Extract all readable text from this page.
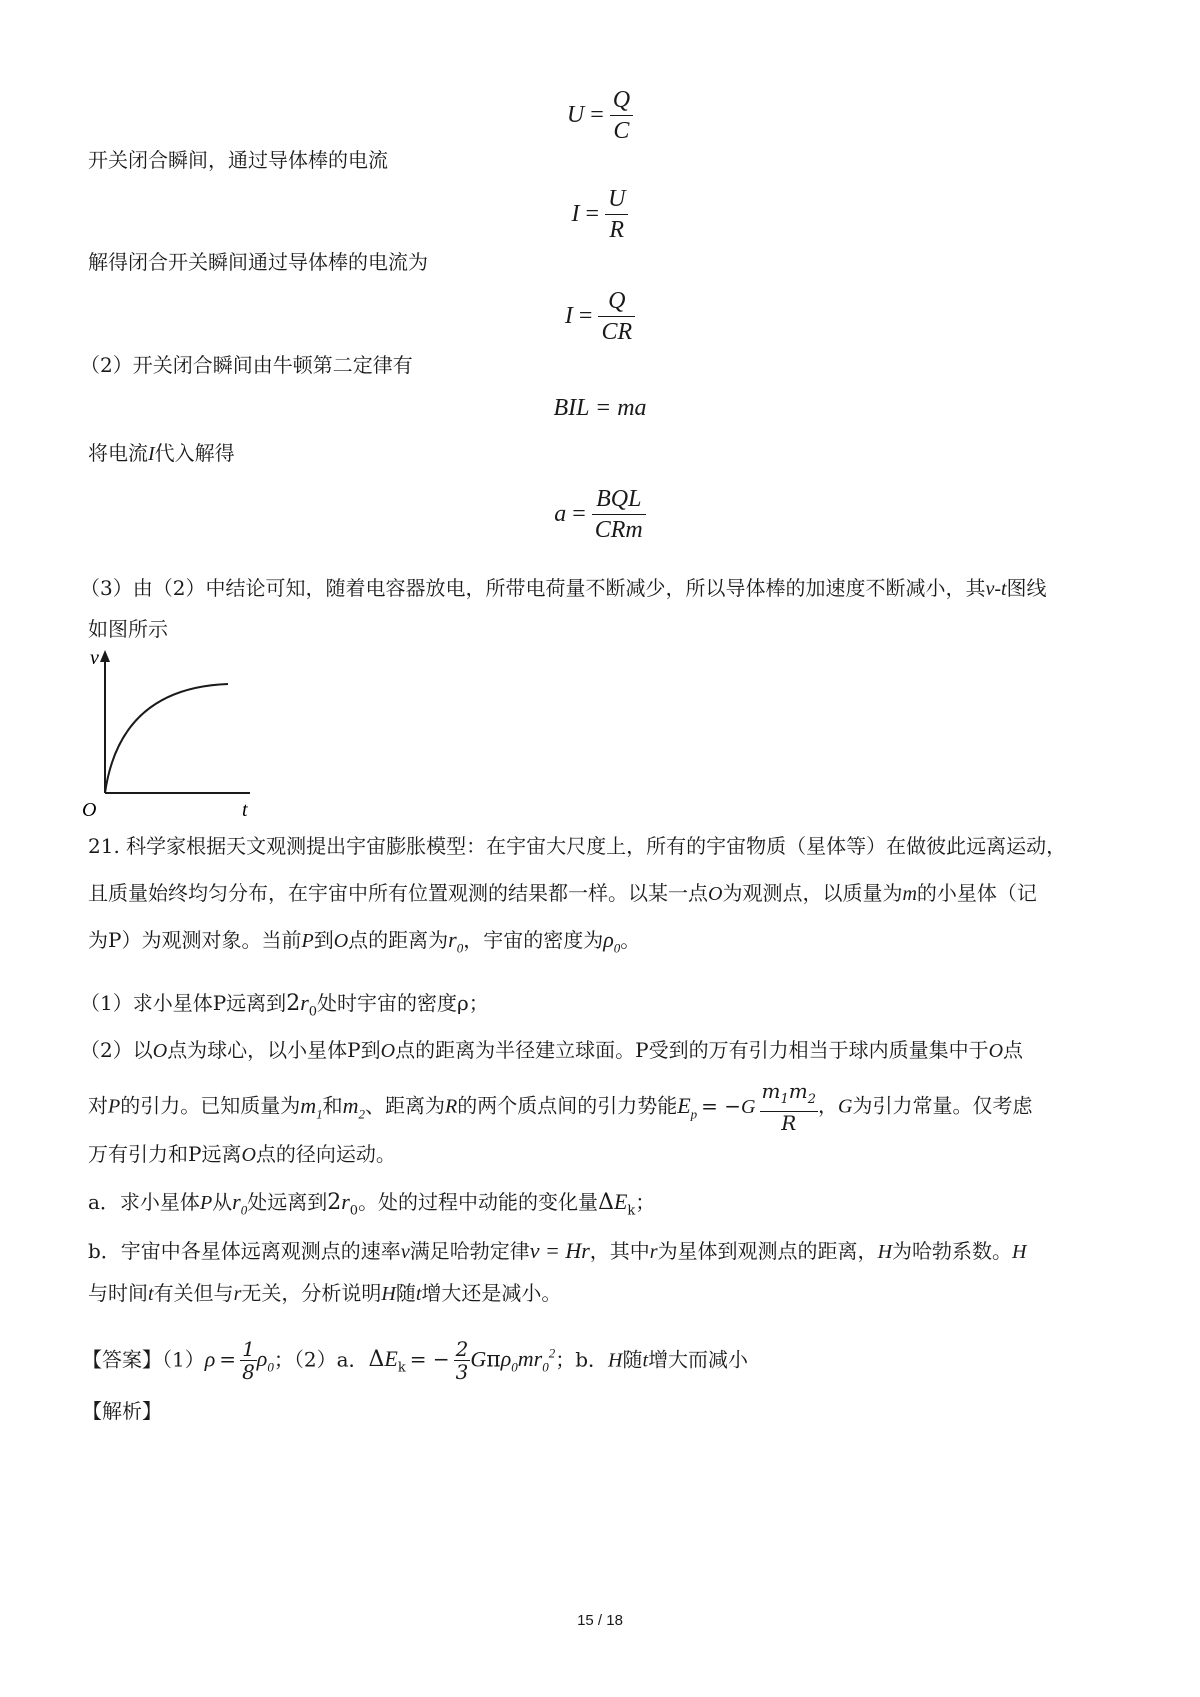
$U = \frac{Q}{C}$
开关闭合瞬间，通过导体棒的电流
$I = \frac{U}{R}$
解得闭合开关瞬间通过导体棒的电流为
$I = \frac{Q}{CR}$
（2）开关闭合瞬间由牛顿第二定律有
BIL = ma
将电流I代入解得
$a = \frac{\text{BQL}}{\text{CRm}}$
（3）由（2）中结论可知，随着电容器放电，所带电荷量不断减少，所以导体棒的加速度不断减小，其v-t图线
如图所示
v
t
O
21. 科学家根据天文观测提出宇宙膨胀模型：在宇宙大尺度上，所有的宇宙物质（星体等）在做彼此远离运动，
且质量始终均匀分布，在宇宙中所有位置观测的结果都一样。以某一点O为观测点，以质量为m的小星体（记
为P）为观测对象。当前P到O点的距离为$r_0$，宇宙的密度为$\rho_0$。
（1）求小星体P远离到$2r_0$处时宇宙的密度ρ；
（2）以O点为球心，以小星体P到O点的距离为半径建立球面。P受到的万有引力相当于球内质量集中于O点
对P的引力。已知质量为$m_1$和$m_2$、距离为R的两个质点间的引力势能$E_p = -G \frac{m_1m_2}{R}$ ，G为引力常量。仅考虑
万有引力和P远离O点的径向运动。
a．求小星体P从$r_0$处远离到$2r_0$。处的过程中动能的变化量$\Delta E_k$；
b．宇宙中各星体远离观测点的速率v满足哈勃定律v = Hr，其中r为星体到观测点的距离，H为哈勃系数。H
与时间t有关但与r无关，分析说明H随t增大还是减小。
【答案】$(1)\rho = \frac{1}{8} \rho_0$；（2）a．$\Delta E_k$ = − $\frac{2}{3} G\pi\rho_0mr_0^2$；b．H随t增大而减小
【解析】
15 / 18
